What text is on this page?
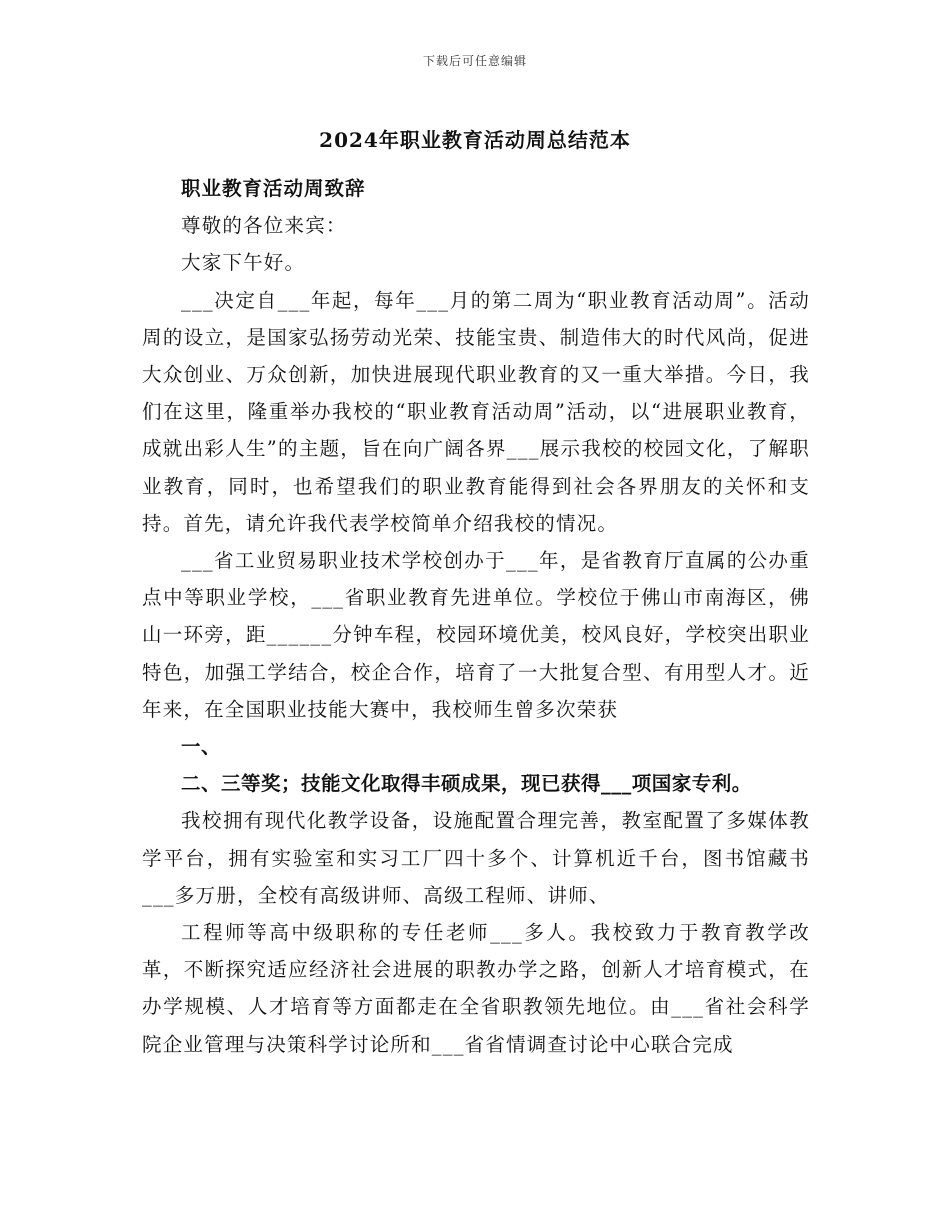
下载后可任意编辑
2024年职业教育活动周总结范本

职业教育活动周致辞

尊敬的各位来宾：

大家下午好。

___决定自___年起，每年___月的第二周为“职业教育活动周”。活动周的设立，是国家弘扬劳动光荣、技能宝贵、制造伟大的时代风尚，促进大众创业、万众创新，加快进展现代职业教育的又一重大举措。今日，我们在这里，隆重举办我校的“职业教育活动周”活动，以“进展职业教育，成就出彩人生”的主题，旨在向广阔各界___展示我校的校园文化，了解职业教育，同时，也希望我们的职业教育能得到社会各界朋友的关怀和支持。首先，请允许我代表学校简单介绍我校的情况。

___省工业贸易职业技术学校创办于___年，是省教育厅直属的公办重点中等职业学校，___省职业教育先进单位。学校位于佛山市南海区，佛山一环旁，距______分钟车程，校园环境优美，校风良好，学校突出职业特色，加强工学结合，校企合作，培育了一大批复合型、有用型人才。近年来，在全国职业技能大赛中，我校师生曾多次荣获

一、

二、三等奖；技能文化取得丰硕成果，现已获得___项国家专利。

我校拥有现代化教学设备，设施配置合理完善，教室配置了多媒体教学平台，拥有实验室和实习工厂四十多个、计算机近千台，图书馆藏书___多万册，全校有高级讲师、高级工程师、讲师、

工程师等高中级职称的专任老师___多人。我校致力于教育教学改革，不断探究适应经济社会进展的职教办学之路，创新人才培育模式，在办学规模、人才培育等方面都走在全省职教领先地位。由___省社会科学院企业管理与决策科学讨论所和___省省情调查讨论中心联合完成
